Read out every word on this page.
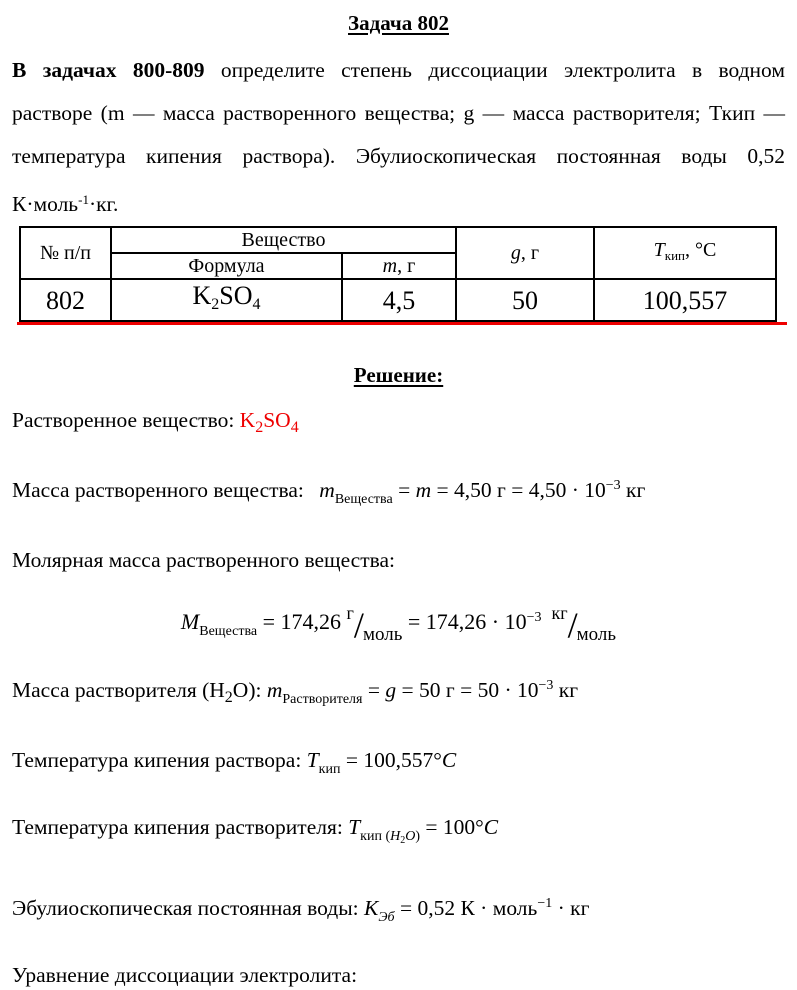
Задача 802
В задачах 800-809 определите степень диссоциации электролита в водном
растворе (m — масса растворенного вещества; g — масса растворителя; Ткип —
температура кипения раствора). Эбулиоскопическая постоянная воды 0,52
К·моль$^{-1}$·кг.
№ п/п	Вещество		g, г	$T_{кип}$, °С
	Формула	m, г		
802	K2SO4	4,5	50	100,557
Решение:
Растворенное вещество: $K_2SO_4$
Масса растворенного вещества: $m_{Вещества} = m = 4,50$ $г = 4,50 \cdot 10^{-3}$ кг
Молярная масса растворенного вещества:
$M_{Вещества} = 174,26$ $^г$/моль = $174,26 \cdot 10^{-3}$ $^{кг}$/моль
Масса растворителя $(H_2O)$: $m_{Растворителя} = g = 50$ $г = 50 \cdot 10^{-3}$ кг
Температура кипения раствора: $T_{кип} = 100,557^\circ C$
Температура кипения растворителя: $T_{кип (H_2O)} = 100^\circ C$
Эбулиоскопическая постоянная воды: $K_{Эб} = 0,52$ К · моль$^{-1}$ · кг
Уравнение диссоциации электролита:
